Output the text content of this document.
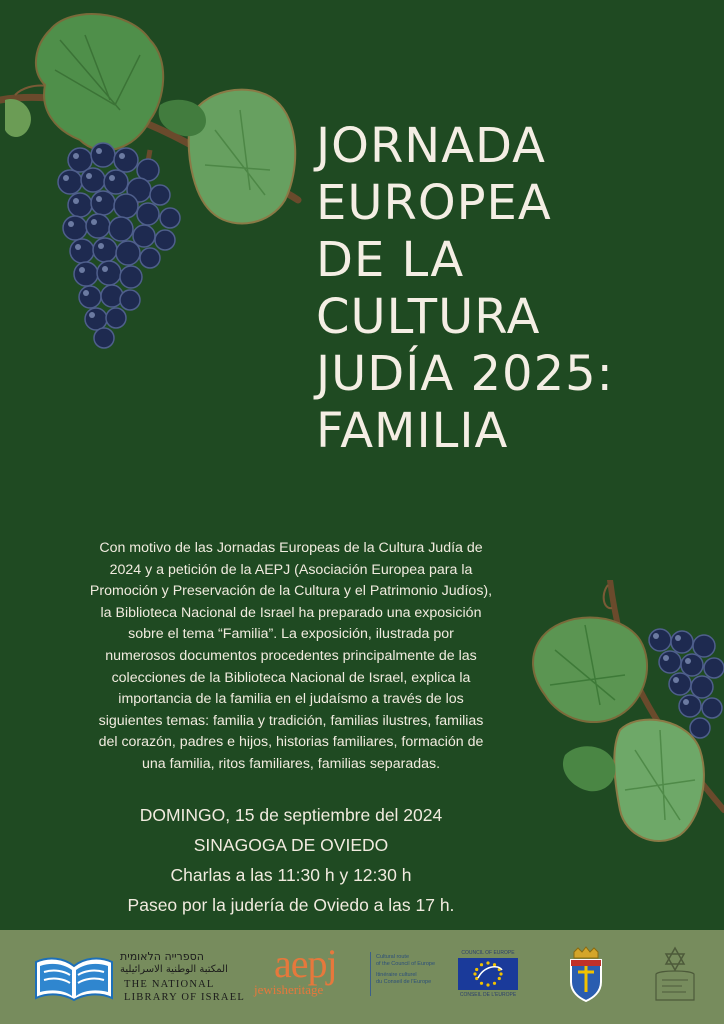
JORNADA
EUROPEA
DE LA
CULTURA
JUDÍA 2025:
FAMILIA
Con motivo de las Jornadas Europeas de la Cultura Judía de
2024 y a petición de la AEPJ (Asociación Europea para la
Promoción y Preservación de la Cultura y el Patrimonio Judíos),
la Biblioteca Nacional de Israel ha preparado una exposición
sobre el tema “Familia”. La exposición, ilustrada por
numerosos documentos procedentes principalmente de las
colecciones de la Biblioteca Nacional de Israel, explica la
importancia de la familia en el judaísmo a través de los
siguientes temas: familia y tradición, familias ilustres, familias
del corazón, padres e hijos, historias familiares, formación de
una familia, ritos familiares, familias separadas.
DOMINGO, 15 de septiembre del 2024
SINAGOGA DE OVIEDO
Charlas a las 11:30 h y 12:30 h
Paseo por la judería de Oviedo a las 17 h.
הספרייה הלאומית
المكتبة الوطنية الاسرائيلية
THE NATIONAL
LIBRARY OF ISRAEL
aepj
jewisheritage
Cultural route
of the Council of Europe
Itinéraire culturel
du Conseil de l'Europe
COUNCIL OF EUROPE
CONSEIL DE L'EUROPE
